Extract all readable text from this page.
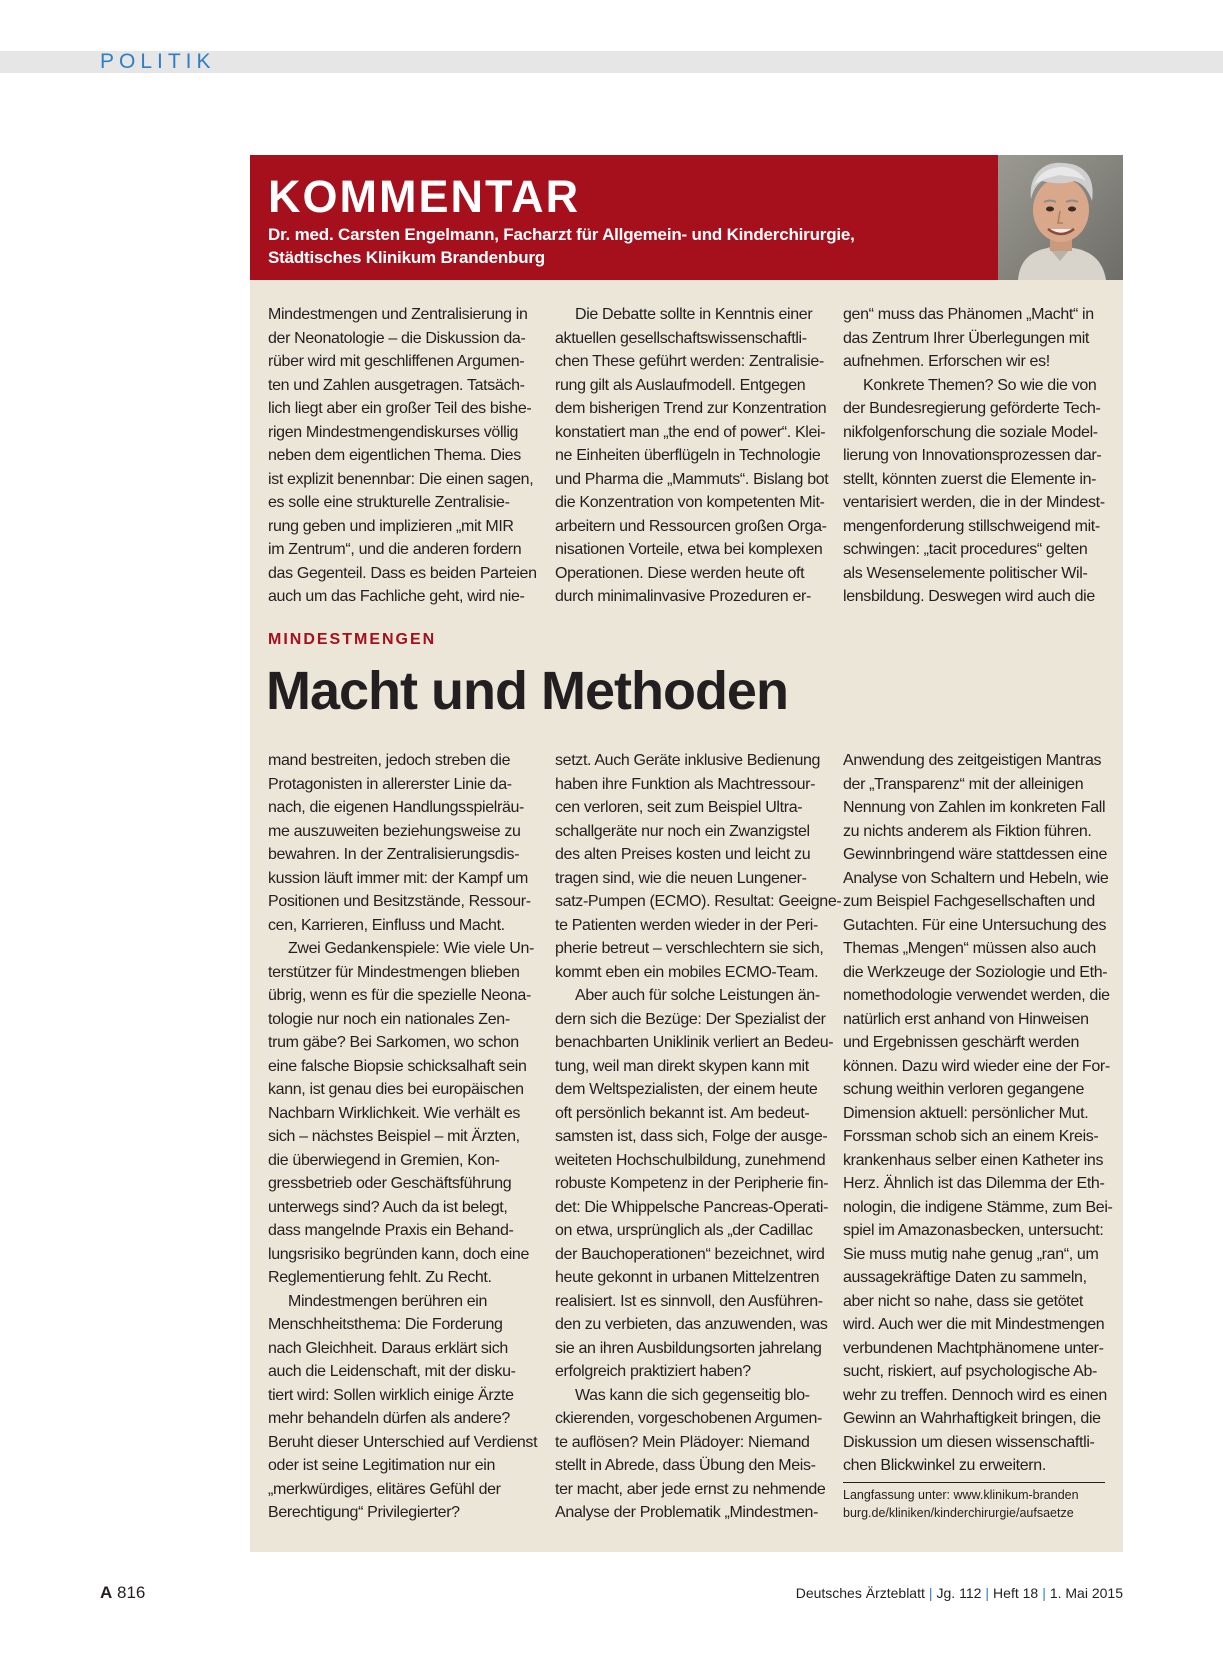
POLITIK
KOMMENTAR
Dr. med. Carsten Engelmann, Facharzt für Allgemein- und Kinderchirurgie,
Städtisches Klinikum Brandenburg

Mindestmengen und Zentralisierung in

der Neonatologie – die Diskussion da-

rüber wird mit geschliffenen Argumen-

ten und Zahlen ausgetragen. Tatsäch-

lich liegt aber ein großer Teil des bishe-

rigen Mindestmengendiskurses völlig

neben dem eigentlichen Thema. Dies

ist explizit benennbar: Die einen sagen,

es solle eine strukturelle Zentralisie-

rung geben und implizieren „mit MIR

im Zentrum“, und die anderen fordern

das Gegenteil. Dass es beiden Parteien

auch um das Fachliche geht, wird nie-

Die Debatte sollte in Kenntnis einer

aktuellen gesellschaftswissenschaftli-

chen These geführt werden: Zentralisie-

rung gilt als Auslaufmodell. Entgegen

dem bisherigen Trend zur Konzentration

konstatiert man „the end of power“. Klei-

ne Einheiten überflügeln in Technologie

und Pharma die „Mammuts“. Bislang bot

die Konzentration von kompetenten Mit-

arbeitern und Ressourcen großen Orga-

nisationen Vorteile, etwa bei komplexen

Operationen. Diese werden heute oft

durch minimalinvasive Prozeduren er-

gen“ muss das Phänomen „Macht“ in

das Zentrum Ihrer Überlegungen mit

aufnehmen. Erforschen wir es!

Konkrete Themen? So wie die von

der Bundesregierung geförderte Tech-

nikfolgenforschung die soziale Model-

lierung von Innovationsprozessen dar-

stellt, könnten zuerst die Elemente in-

ventarisiert werden, die in der Mindest-

mengenforderung stillschweigend mit-

schwingen: „tacit procedures“ gelten

als Wesenselemente politischer Wil-

lensbildung. Deswegen wird auch die

MINDESTMENGEN
Macht und Methoden

mand bestreiten, jedoch streben die

Protagonisten in allererster Linie da-

nach, die eigenen Handlungsspielräu-

me auszuweiten beziehungsweise zu

bewahren. In der Zentralisierungsdis-

kussion läuft immer mit: der Kampf um

Positionen und Besitzstände, Ressour-

cen, Karrieren, Einfluss und Macht.

Zwei Gedankenspiele: Wie viele Un-

terstützer für Mindestmengen blieben

übrig, wenn es für die spezielle Neona-

tologie nur noch ein nationales Zen-

trum gäbe? Bei Sarkomen, wo schon

eine falsche Biopsie schicksalhaft sein

kann, ist genau dies bei europäischen

Nachbarn Wirklichkeit. Wie verhält es

sich – nächstes Beispiel – mit Ärzten,

die überwiegend in Gremien, Kon-

gressbetrieb oder Geschäftsführung

unterwegs sind? Auch da ist belegt,

dass mangelnde Praxis ein Behand-

lungsrisiko begründen kann, doch eine

Reglementierung fehlt. Zu Recht.

Mindestmengen berühren ein

Menschheitsthema: Die Forderung

nach Gleichheit. Daraus erklärt sich

auch die Leidenschaft, mit der disku-

tiert wird: Sollen wirklich einige Ärzte

mehr behandeln dürfen als andere?

Beruht dieser Unterschied auf Verdienst

oder ist seine Legitimation nur ein

„merkwürdiges, elitäres Gefühl der

Berechtigung“ Privilegierter?

setzt. Auch Geräte inklusive Bedienung

haben ihre Funktion als Machtressour-

cen verloren, seit zum Beispiel Ultra-

schallgeräte nur noch ein Zwanzigstel

des alten Preises kosten und leicht zu

tragen sind, wie die neuen Lungener-

satz-Pumpen (ECMO). Resultat: Geeigne-

te Patienten werden wieder in der Peri-

pherie betreut – verschlechtern sie sich,

kommt eben ein mobiles ECMO-Team.

Aber auch für solche Leistungen än-

dern sich die Bezüge: Der Spezialist der

benachbarten Uniklinik verliert an Bedeu-

tung, weil man direkt skypen kann mit

dem Weltspezialisten, der einem heute

oft persönlich bekannt ist. Am bedeut-

samsten ist, dass sich, Folge der ausge-

weiteten Hochschulbildung, zunehmend

robuste Kompetenz in der Peripherie fin-

det: Die Whippelsche Pancreas-Operati-

on etwa, ursprünglich als „der Cadillac

der Bauchoperationen“ bezeichnet, wird

heute gekonnt in urbanen Mittelzentren

realisiert. Ist es sinnvoll, den Ausführen-

den zu verbieten, das anzuwenden, was

sie an ihren Ausbildungsorten jahrelang

erfolgreich praktiziert haben?

Was kann die sich gegenseitig blo-

ckierenden, vorgeschobenen Argumen-

te auflösen? Mein Plädoyer: Niemand

stellt in Abrede, dass Übung den Meis-

ter macht, aber jede ernst zu nehmende

Analyse der Problematik „Mindestmen-

Anwendung des zeitgeistigen Mantras

der „Transparenz“ mit der alleinigen

Nennung von Zahlen im konkreten Fall

zu nichts anderem als Fiktion führen.

Gewinnbringend wäre stattdessen eine

Analyse von Schaltern und Hebeln, wie

zum Beispiel Fachgesellschaften und

Gutachten. Für eine Untersuchung des

Themas „Mengen“ müssen also auch

die Werkzeuge der Soziologie und Eth-

nomethodologie verwendet werden, die

natürlich erst anhand von Hinweisen

und Ergebnissen geschärft werden

können. Dazu wird wieder eine der For-

schung weithin verloren gegangene

Dimension aktuell: persönlicher Mut.

Forssman schob sich an einem Kreis-

krankenhaus selber einen Katheter ins

Herz. Ähnlich ist das Dilemma der Eth-

nologin, die indigene Stämme, zum Bei-

spiel im Amazonasbecken, untersucht:

Sie muss mutig nahe genug „ran“, um

aussagekräftige Daten zu sammeln,

aber nicht so nahe, dass sie getötet

wird. Auch wer die mit Mindestmengen

verbundenen Machtphänomene unter-

sucht, riskiert, auf psychologische Ab-

wehr zu treffen. Dennoch wird es einen

Gewinn an Wahrhaftigkeit bringen, die

Diskussion um diesen wissenschaftli-

chen Blickwinkel zu erweitern.

Langfassung unter: www.klinikum-branden
burg.de/kliniken/kinderchirurgie/aufsaetze
A 816	Deutsches Ärzteblatt | Jg. 112 | Heft 18 | 1. Mai 2015
